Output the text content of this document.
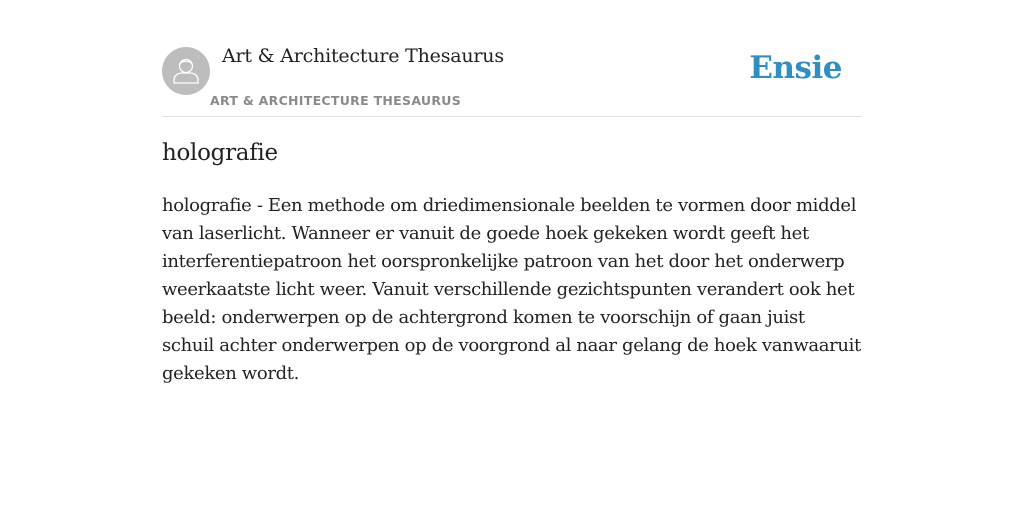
Art & Architecture Thesaurus
ART & ARCHITECTURE THESAURUS
Ensie
holografie

holografie - Een methode om driedimensionale beelden te vormen door middel van laserlicht. Wanneer er vanuit de goede hoek gekeken wordt geeft het interferentiepatroon het oorspronkelijke patroon van het door het onderwerp weerkaatste licht weer. Vanuit verschillende gezichtspunten verandert ook het beeld: onderwerpen op de achtergrond komen te voorschijn of gaan juist schuil achter onderwerpen op de voorgrond al naar gelang de hoek vanwaaruit gekeken wordt.
